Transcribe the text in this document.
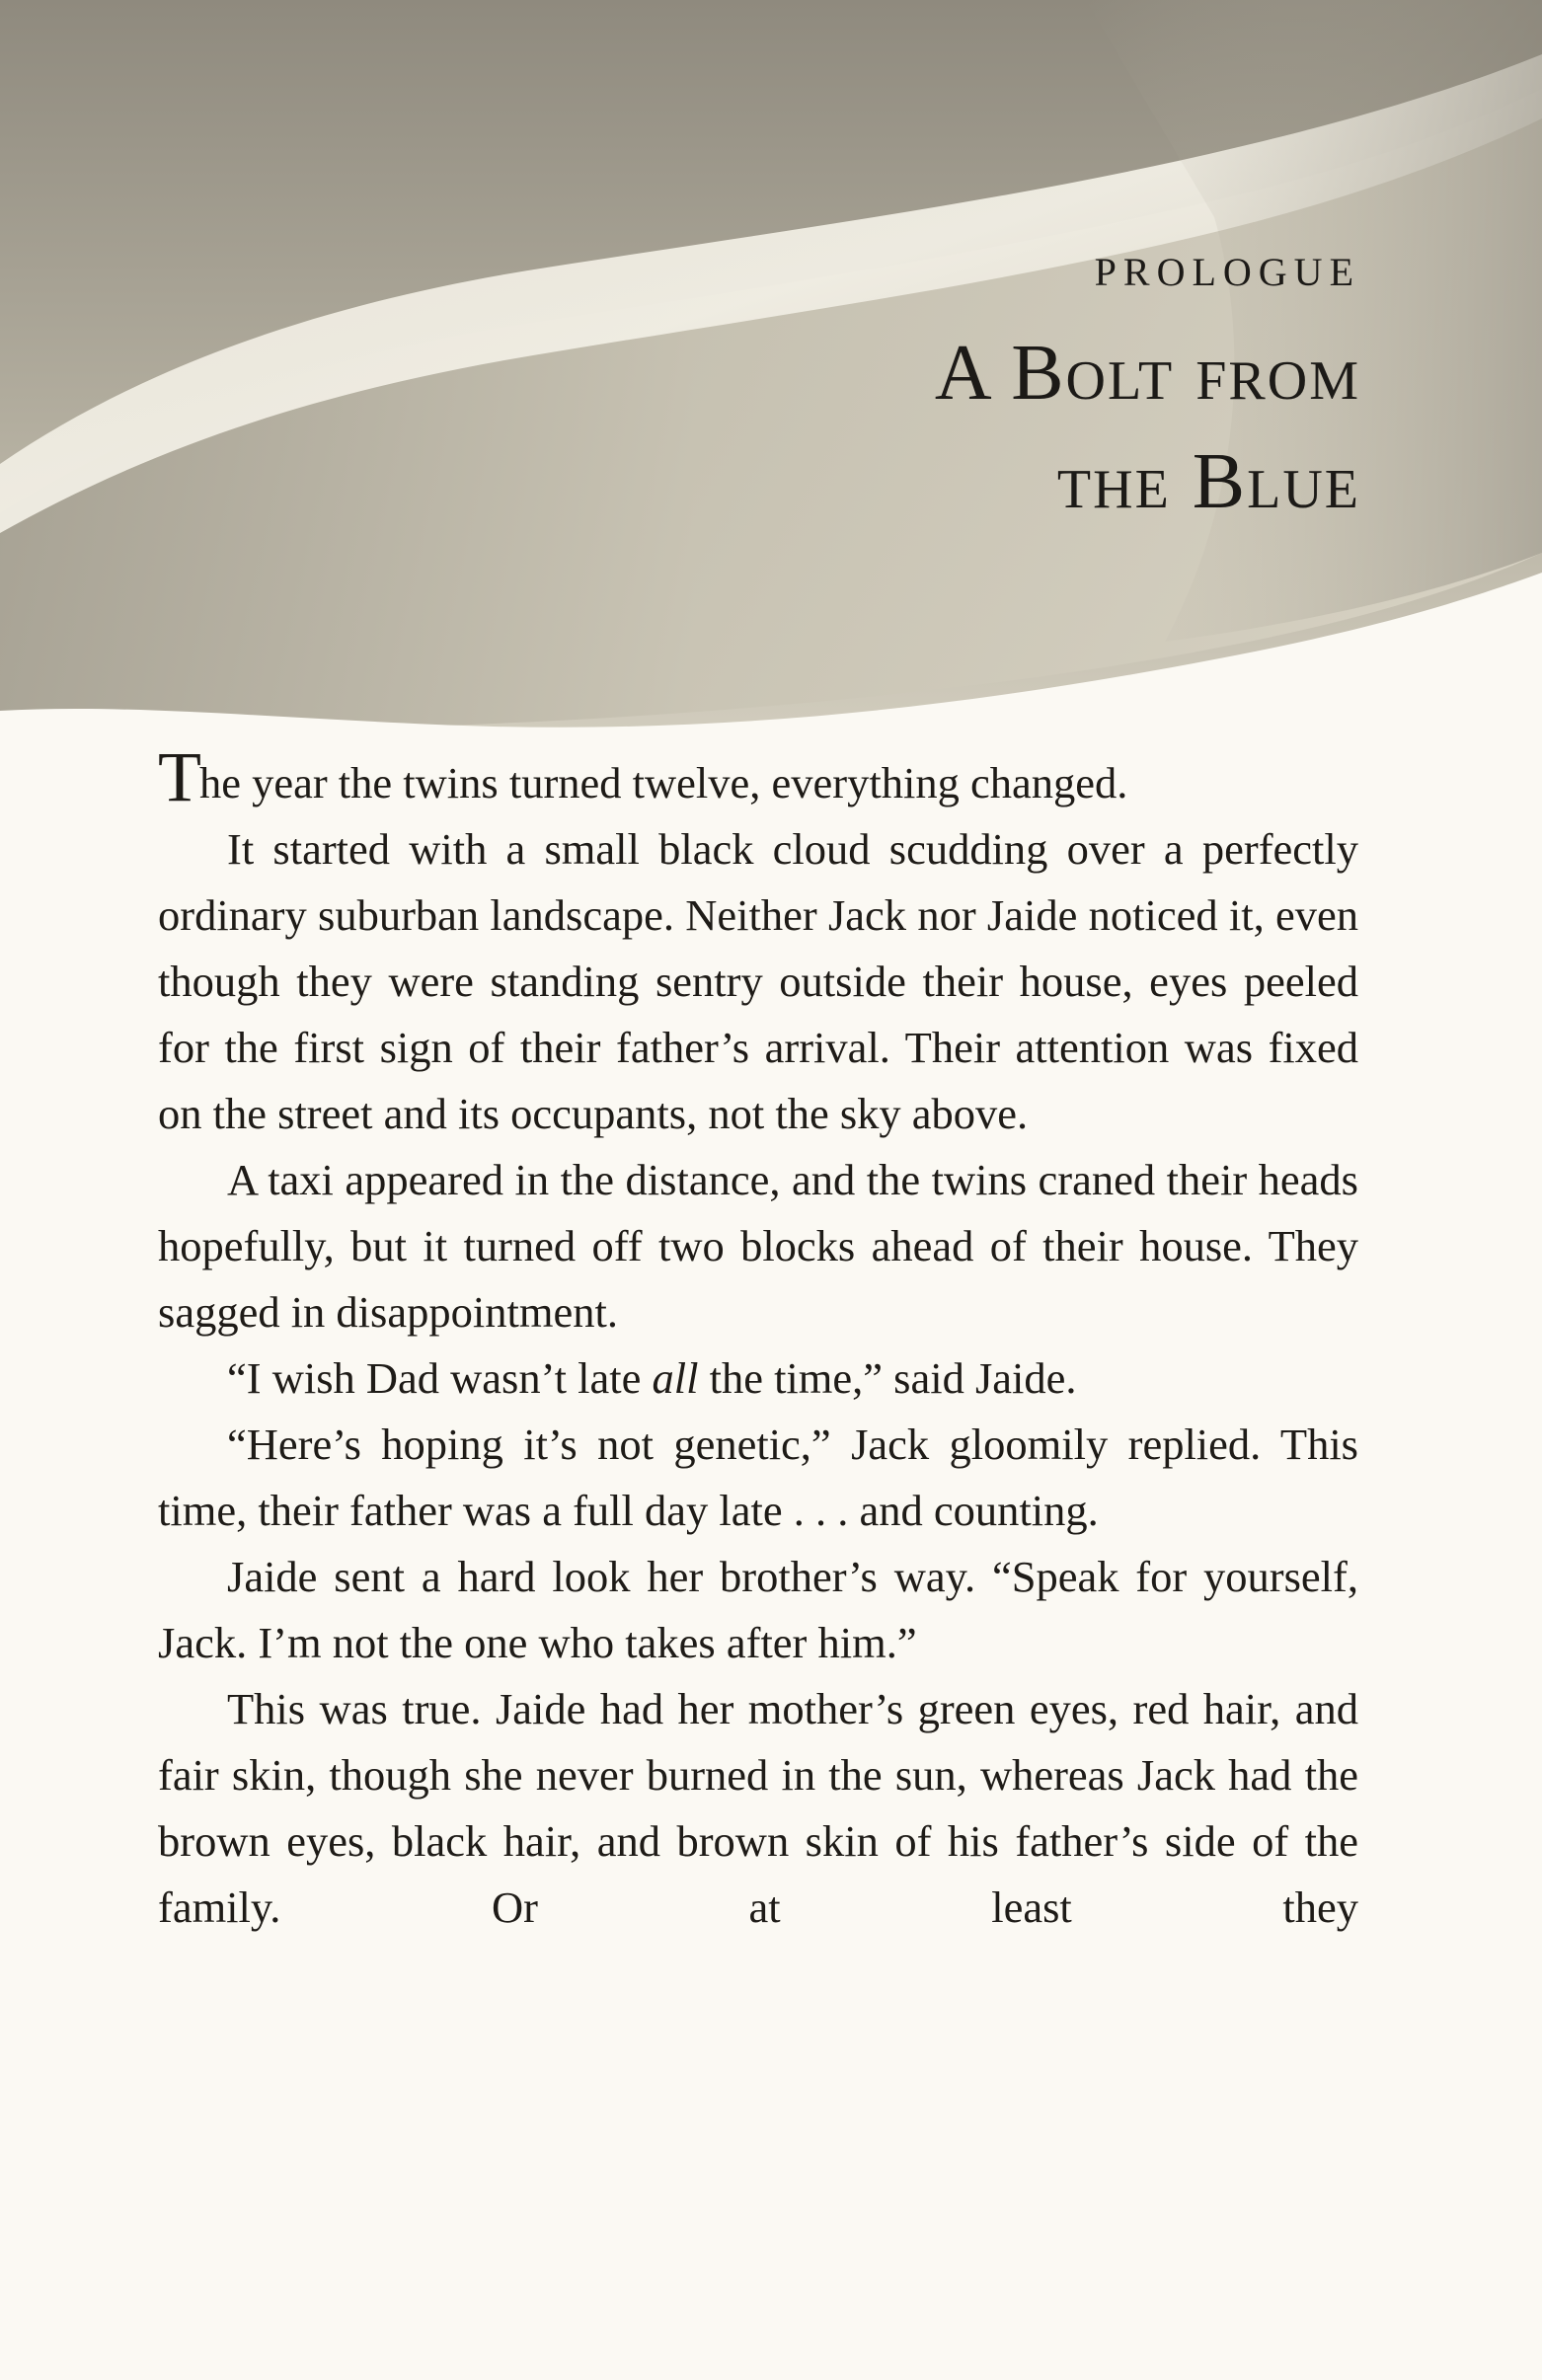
PROLOGUE
A Bolt from
the Blue

The year the twins turned twelve, everything changed.

It started with a small black cloud scudding over a perfectly ordinary suburban landscape. Neither Jack nor Jaide noticed it, even though they were standing sentry outside their house, eyes peeled for the first sign of their father’s arrival. Their attention was fixed on the street and its occupants, not the sky above.

A taxi appeared in the distance, and the twins craned their heads hopefully, but it turned off two blocks ahead of their house. They sagged in disappointment.

“I wish Dad wasn’t late all the time,” said Jaide.

“Here’s hoping it’s not genetic,” Jack gloomily replied. This time, their father was a full day late . . . and counting.

Jaide sent a hard look her brother’s way. “Speak for yourself, Jack. I’m not the one who takes after him.”

This was true. Jaide had her mother’s green eyes, red hair, and fair skin, though she never burned in the sun, whereas Jack had the brown eyes, black hair, and brown skin of his father’s side of the family. Or at least they
